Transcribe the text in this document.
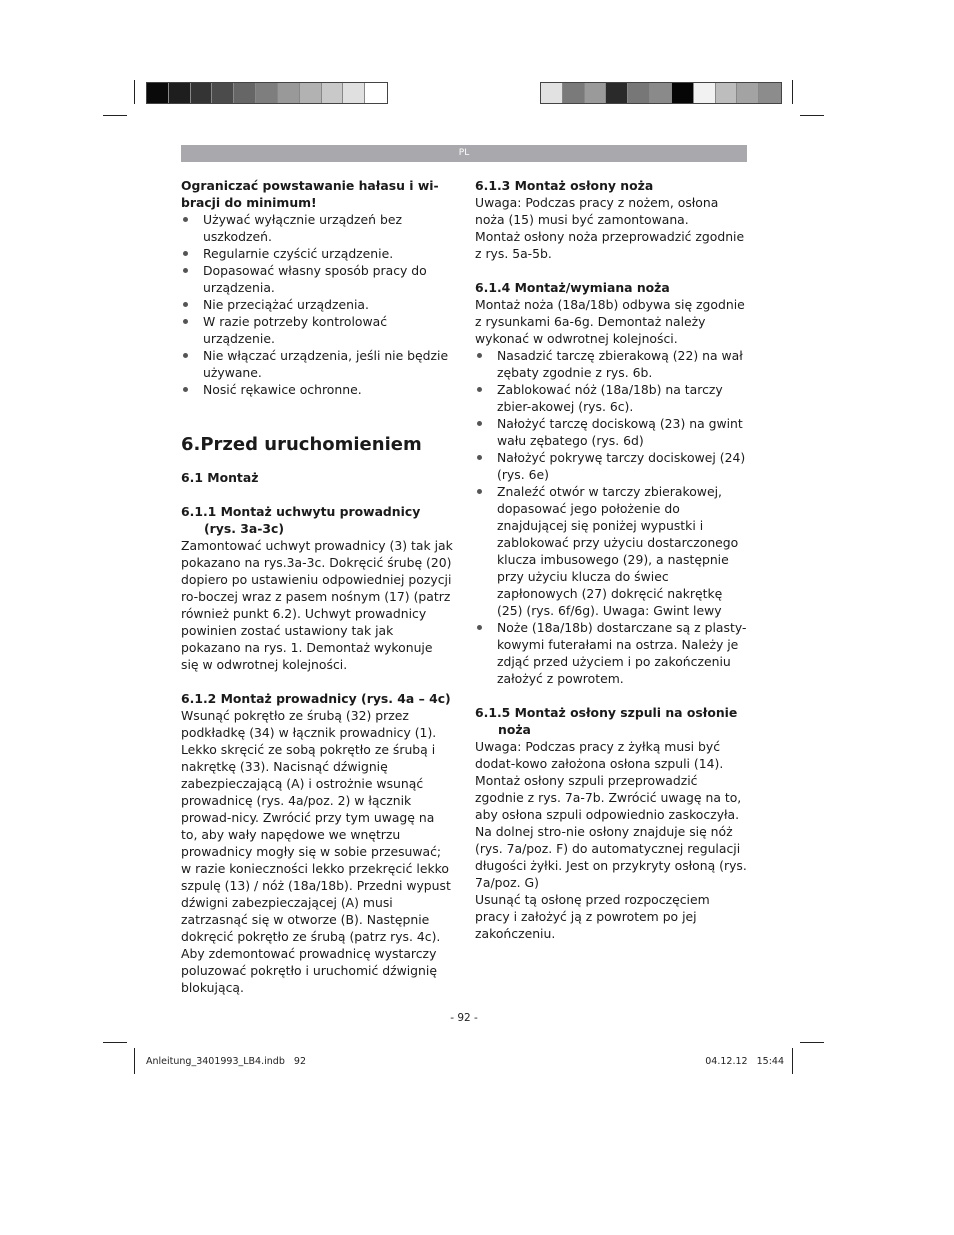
PL

Ograniczać powstawanie hałasu i wi-bracji do minimum!

Używać wyłącznie urządzeń bez uszkodzeń.
Regularnie czyścić urządzenie.
Dopasować własny sposób pracy do urządzenia.
Nie przeciążać urządzenia.
W razie potrzeby kontrolować urządzenie.
Nie włączać urządzenia, jeśli nie będzie używane.
Nosić rękawice ochronne.

6.Przed uruchomieniem

6.1 Montaż

6.1.1 Montaż uchwytu prowadnicy

(rys. 3a-3c)

Zamontować uchwyt prowadnicy (3) tak jak pokazano na rys.3a-3c. Dokręcić śrubę (20) dopiero po ustawieniu odpowiedniej pozycji ro-boczej wraz z pasem nośnym (17) (patrz również punkt 6.2). Uchwyt prowadnicy powinien zostać ustawiony tak jak pokazano na rys. 1. Demontaż wykonuje się w odwrotnej kolejności.

6.1.2 Montaż prowadnicy (rys. 4a – 4c)

Wsunąć pokrętło ze śrubą (32) przez podkładkę (34) w łącznik prowadnicy (1). Lekko skręcić ze sobą pokrętło ze śrubą i nakrętkę (33). Nacisnąć dźwignię zabezpieczającą (A) i ostrożnie wsunąć prowadnicę (rys. 4a/poz. 2) w łącznik prowad-nicy. Zwrócić przy tym uwagę na to, aby wały napędowe we wnętrzu prowadnicy mogły się w sobie przesuwać; w razie konieczności lekko przekręcić lekko szpulę (13) / nóż (18a/18b). Przedni wypust dźwigni zabezpieczającej (A) musi zatrzasnąć się w otworze (B). Następnie dokręcić pokrętło ze śrubą (patrz rys. 4c). Aby zdemontować prowadnicę wystarczy poluzować pokrętło i uruchomić dźwignię blokującą.

6.1.3 Montaż osłony noża

Uwaga: Podczas pracy z nożem, osłona noża (15) musi być zamontowana.

Montaż osłony noża przeprowadzić zgodnie z rys. 5a-5b.

6.1.4 Montaż/wymiana noża

Montaż noża (18a/18b) odbywa się zgodnie z rysunkami 6a-6g. Demontaż należy wykonać w odwrotnej kolejności.

Nasadzić tarczę zbierakową (22) na wał zębaty zgodnie z rys. 6b.
Zablokować nóż (18a/18b) na tarczy zbier-akowej (rys. 6c).
Nałożyć tarczę dociskową (23) na gwint wału zębatego (rys. 6d)
Nałożyć pokrywę tarczy dociskowej (24) (rys. 6e)
Znaleźć otwór w tarczy zbierakowej, dopasować jego położenie do znajdującej się poniżej wypustki i zablokować przy użyciu dostarczonego klucza imbusowego (29), a następnie przy użyciu klucza do świec zapłonowych (27) dokręcić nakrętkę (25) (rys. 6f/6g). Uwaga: Gwint lewy
Noże (18a/18b) dostarczane są z plasty-kowymi futerałami na ostrza. Należy je zdjąć przed użyciem i po zakończeniu założyć z powrotem.

6.1.5 Montaż osłony szpuli na osłonie

noża

Uwaga: Podczas pracy z żyłką musi być dodat-kowo założona osłona szpuli (14).

Montaż osłony szpuli przeprowadzić zgodnie z rys. 7a-7b. Zwrócić uwagę na to, aby osłona szpuli odpowiednio zaskoczyła. Na dolnej stro-nie osłony znajduje się nóż (rys. 7a/poz. F) do automatycznej regulacji długości żyłki. Jest on przykryty osłoną (rys. 7a/poz. G)

Usunąć tą osłonę przed rozpoczęciem pracy i założyć ją z powrotem po jej zakończeniu.

- 92 -
Anleitung_3401993_LB4.indb   92	04.12.12   15:44
